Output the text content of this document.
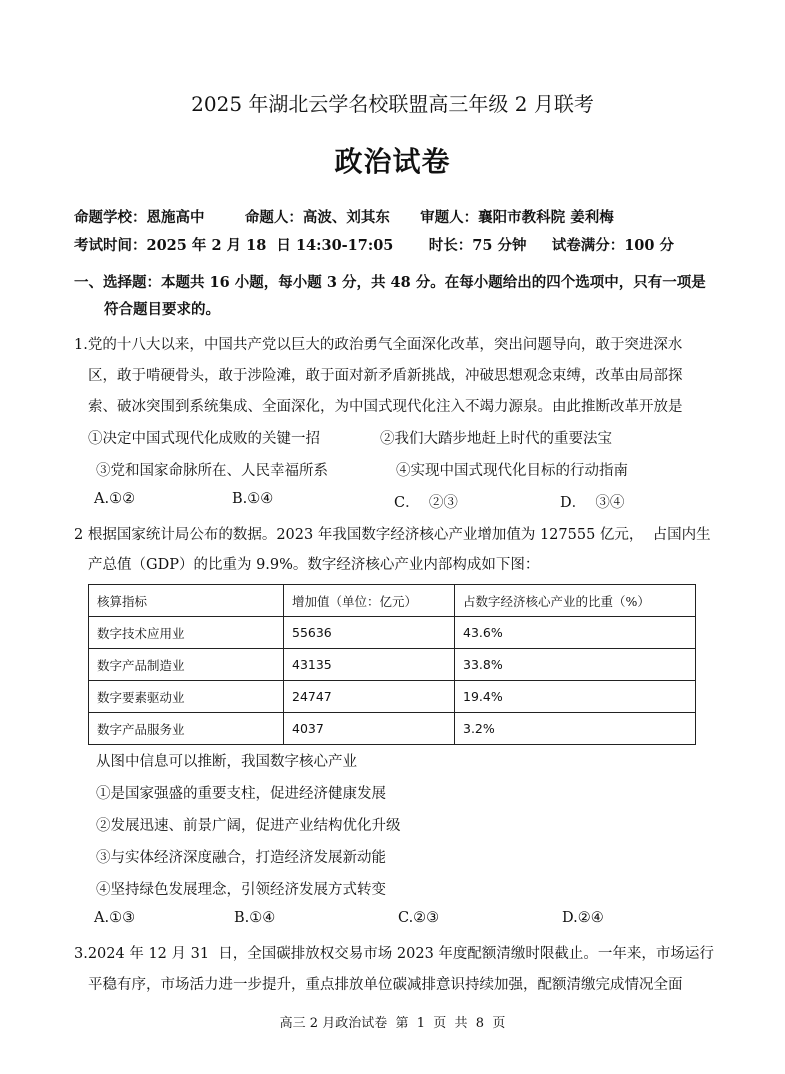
2025 年湖北云学名校联盟高三年级 2 月联考
政治试卷
命题学校：恩施高中        命题人：高波、刘其东      审题人：襄阳市教科院 姜利梅
考试时间：2025 年 2 月 18  日 14:30-17:05       时长：75 分钟     试卷满分：100 分
一、选择题：本题共 16 小题，每小题 3 分，共 48 分。在每小题给出的四个选项中，只有一项是
符合题目要求的。
1.党的十八大以来，中国共产党以巨大的政治勇气全面深化改革，突出问题导向，敢于突进深水
区，敢于啃硬骨头，敢于涉险滩，敢于面对新矛盾新挑战，冲破思想观念束缚，改革由局部探
索、破冰突围到系统集成、全面深化，为中国式现代化注入不竭力源泉。由此推断改革开放是
①决定中国式现代化成败的关键一招	②我们大踏步地赶上时代的重要法宝
③党和国家命脉所在、人民幸福所系	④实现中国式现代化目标的行动指南
A.①②	B.①④	C．  ②③	D．  ③④
2 根据国家统计局公布的数据。2023 年我国数字经济核心产业增加值为 127555 亿元，  占国内生
产总值（GDP）的比重为 9.9%。数字经济核心产业内部构成如下图：
核算指标	增加值（单位：亿元）	占数字经济核心产业的比重（%）
数字技术应用业	55636	43.6%
数字产品制造业	43135	33.8%
数字要素驱动业	24747	19.4%
数字产品服务业	4037	3.2%
从图中信息可以推断，我国数字核心产业
①是国家强盛的重要支柱，促进经济健康发展
②发展迅速、前景广阔，促进产业结构优化升级
③与实体经济深度融合，打造经济发展新动能
④坚持绿色发展理念，引领经济发展方式转变
A.①③	B.①④	C.②③	D.②④
3.2024 年 12 月 31  日，全国碳排放权交易市场 2023 年度配额清缴时限截止。一年来，市场运行
平稳有序，市场活力进一步提升，重点排放单位碳减排意识持续加强，配额清缴完成情况全面
高三 2 月政治试卷  第  1  页  共  8  页
